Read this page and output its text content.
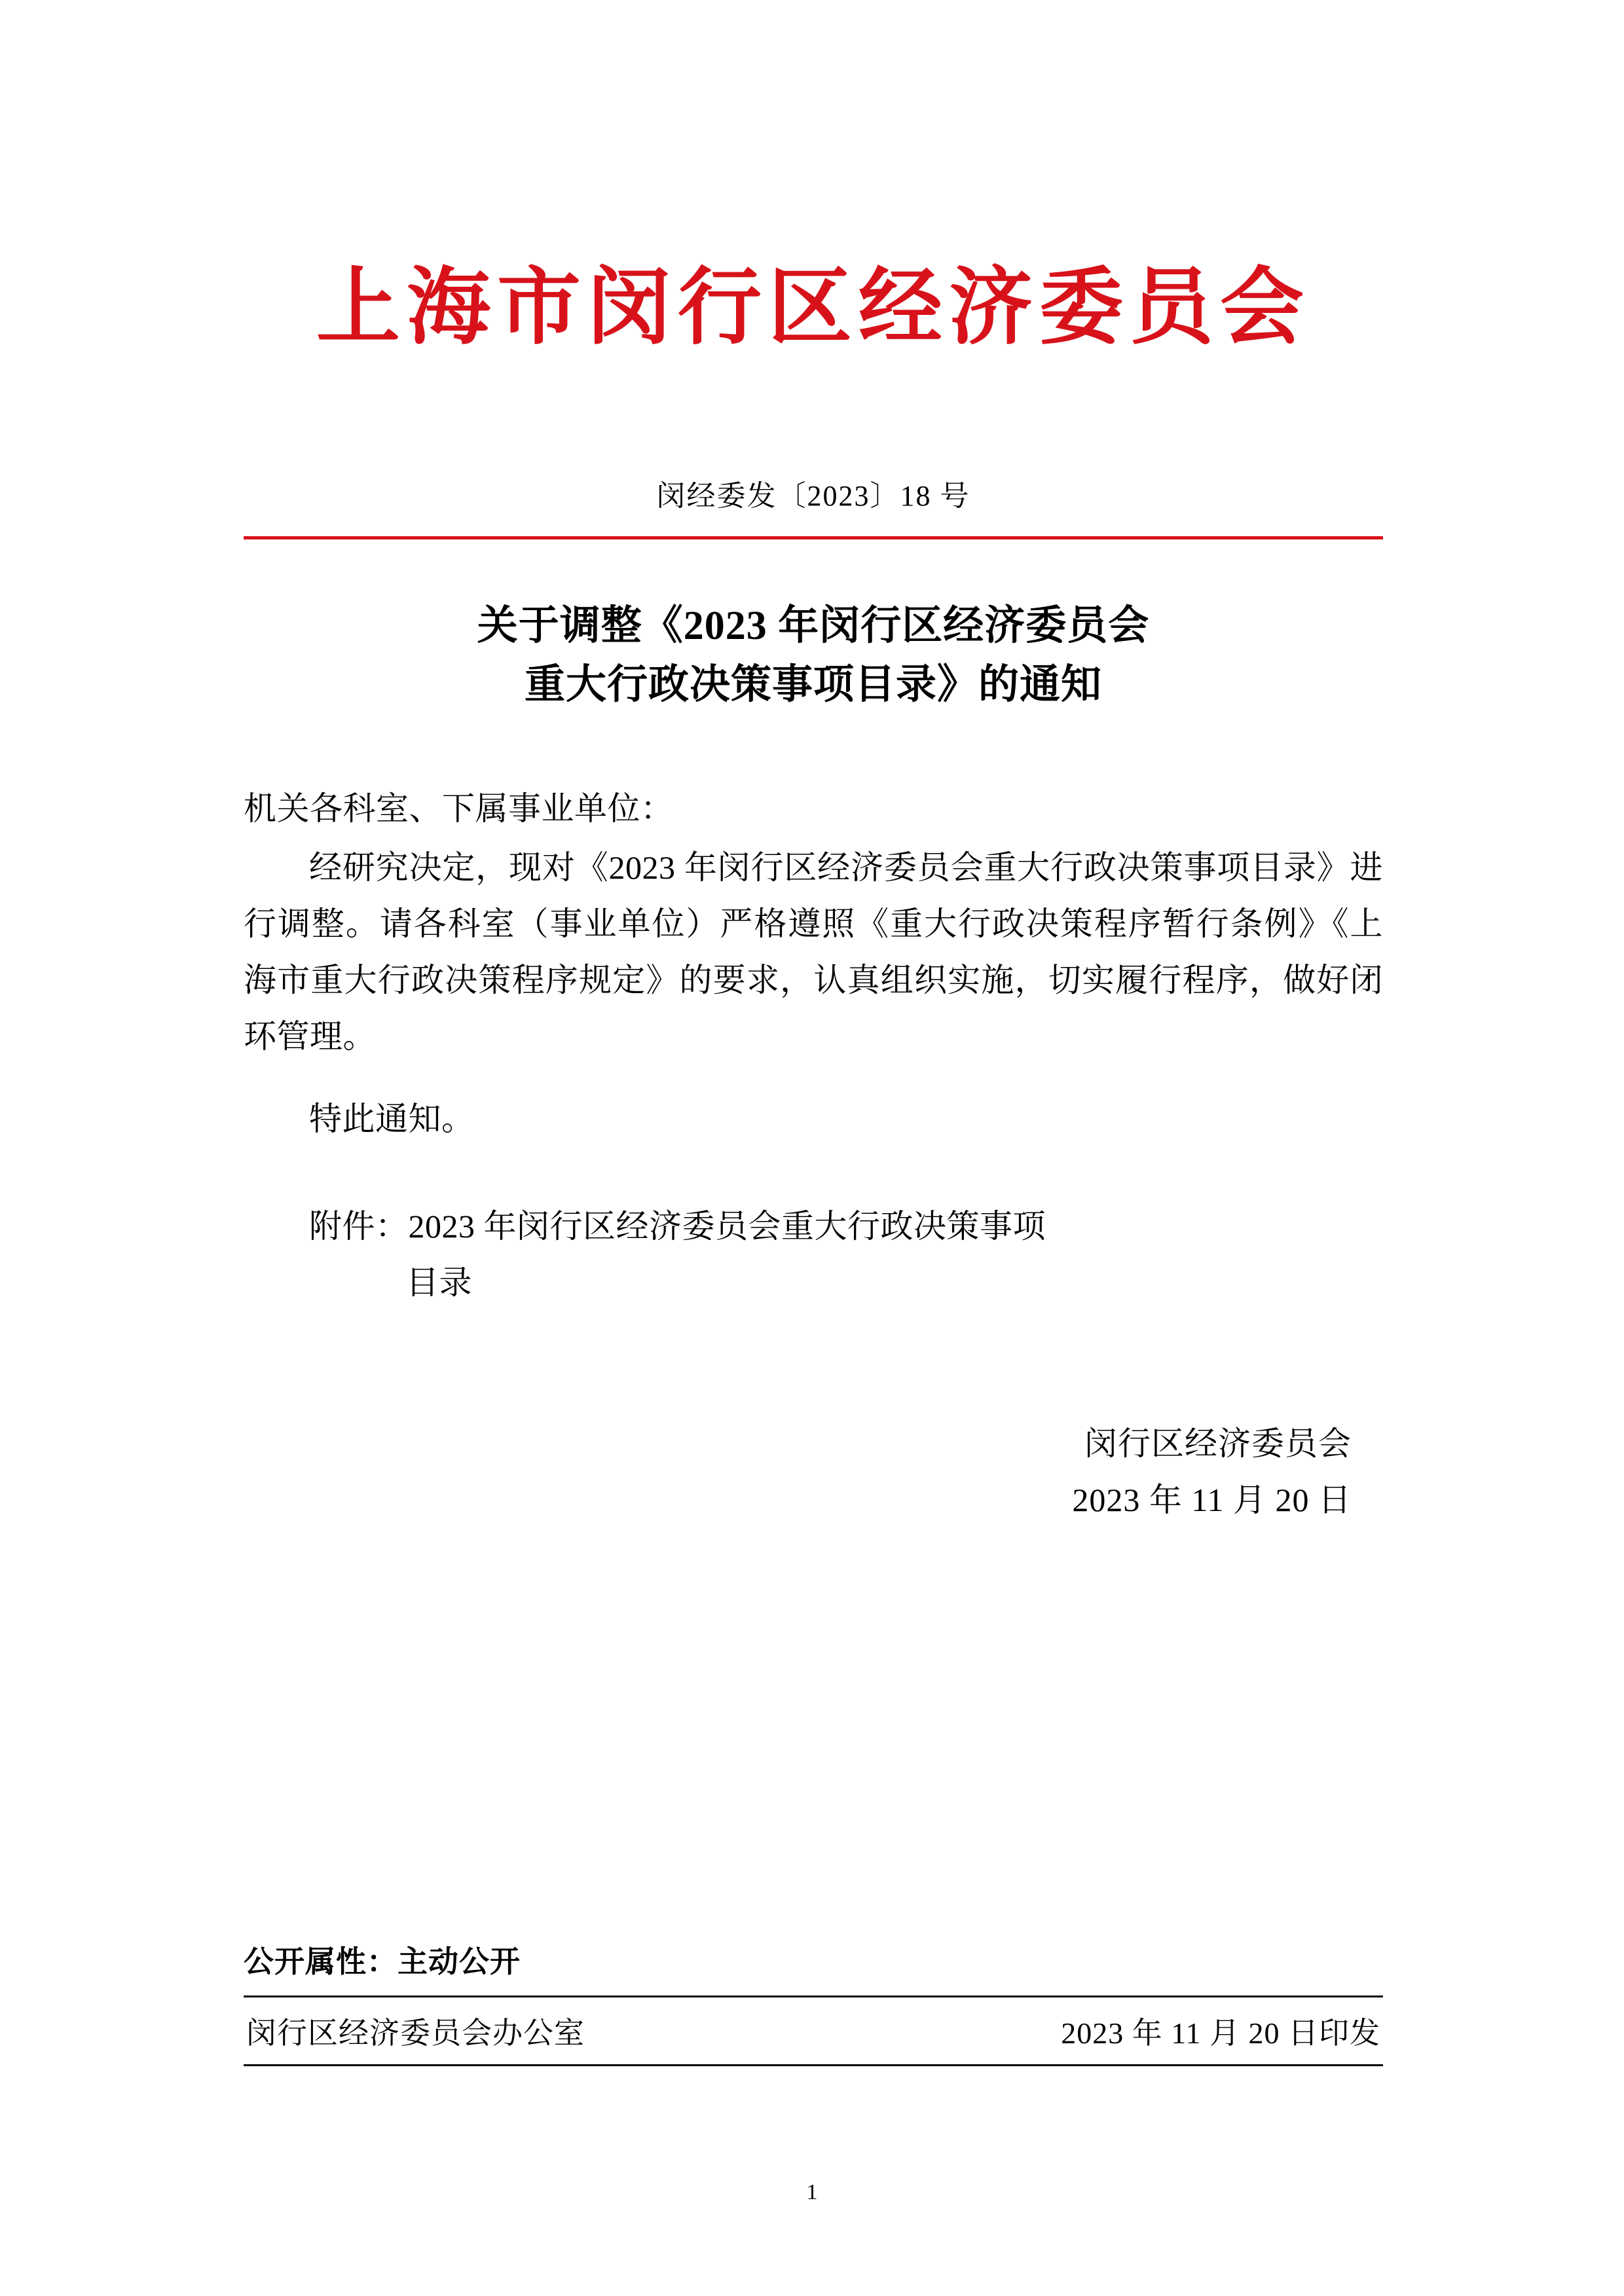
上海市闵行区经济委员会
闵经委发〔2023〕18 号
关于调整《2023 年闵行区经济委员会
重大行政决策事项目录》的通知

机关各科室、下属事业单位：

经研究决定，现对《2023 年闵行区经济委员会重大行政决策事项目录》进行调整。请各科室（事业单位）严格遵照《重大行政决策程序暂行条例》《上海市重大行政决策程序规定》的要求，认真组织实施，切实履行程序，做好闭环管理。

特此通知。

附件：2023 年闵行区经济委员会重大行政决策事项
目录
闵行区经济委员会
2023 年 11 月 20 日
公开属性：主动公开
闵行区经济委员会办公室	2023 年 11 月 20 日印发
1
